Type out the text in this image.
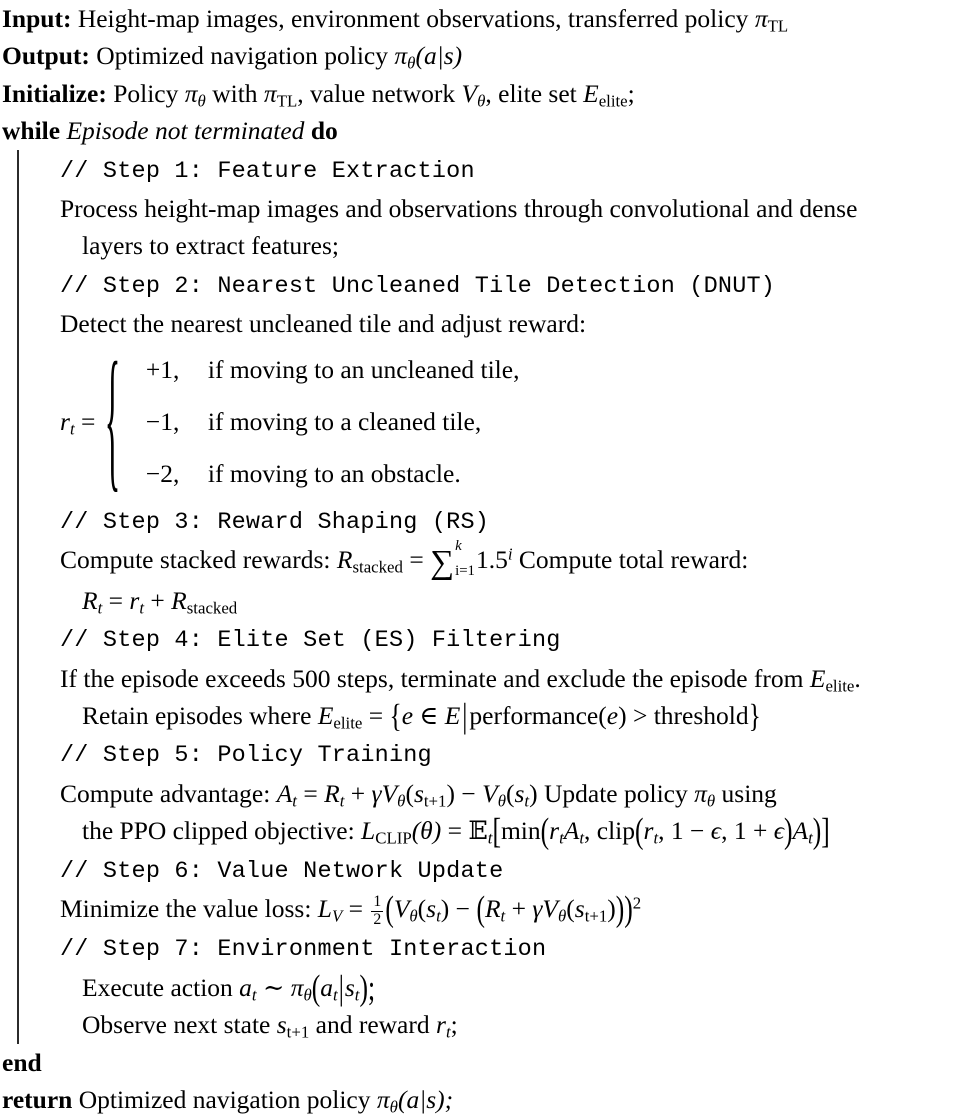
Input: Height-map images, environment observations, transferred policy $\pi_{TL}$
Output: Optimized navigation policy $\pi_\theta(a|s)$
Initialize: Policy $\pi_\theta$ with $\pi_{TL}$, value network $V_\theta$, elite set $E_{elite}$;
while Episode not terminated do
// Step 1: Feature Extraction
Process height-map images and observations through convolutional and dense
layers to extract features;
// Step 2: Nearest Uncleaned Tile Detection (DNUT)
Detect the nearest uncleaned tile and adjust reward:
$r_t$ = { +1, if moving to an uncleaned tile,
−1, if moving to a cleaned tile,
−2, if moving to an obstacle.
// Step 3: Reward Shaping (RS)
Compute stacked rewards: $R_{stacked}$ = ∑ k
i=1 1.5$^i$ Compute total reward:
$R_t = r_t + R_{stacked}$
// Step 4: Elite Set (ES) Filtering
If the episode exceeds 500 steps, terminate and exclude the episode from $E_{elite}$.
Retain episodes where $E_{elite} = \{e$ ∈ E|performance(e) > threshold}
// Step 5: Policy Training
Compute advantage: $A_t = R_t + \gamma V_\theta(s_{t+1}) - V_\theta(s_t)$ Update policy $\pi_\theta$ using
the PPO clipped objective: $L_{CLIP}(\theta)$ = $𝔼_t[\min(r_tA_t$, $clip(r_t$, 1 − ϵ, $1 + \epsilon)A_t$)]
// Step 6: Value Network Update
Minimize the value loss: $L_V = \frac{1}{2} (V_\theta(s_t) - (R_t + \gamma V_\theta(s_{t+1})))^2$
// Step 7: Environment Interaction
Execute action $a_t$ ∼ $\pi_\theta(a_t|s_t)$;
Observe next state $s_{t+1}$ and reward $r_t$;
end
return Optimized navigation policy $\pi_\theta(a|s)$;
